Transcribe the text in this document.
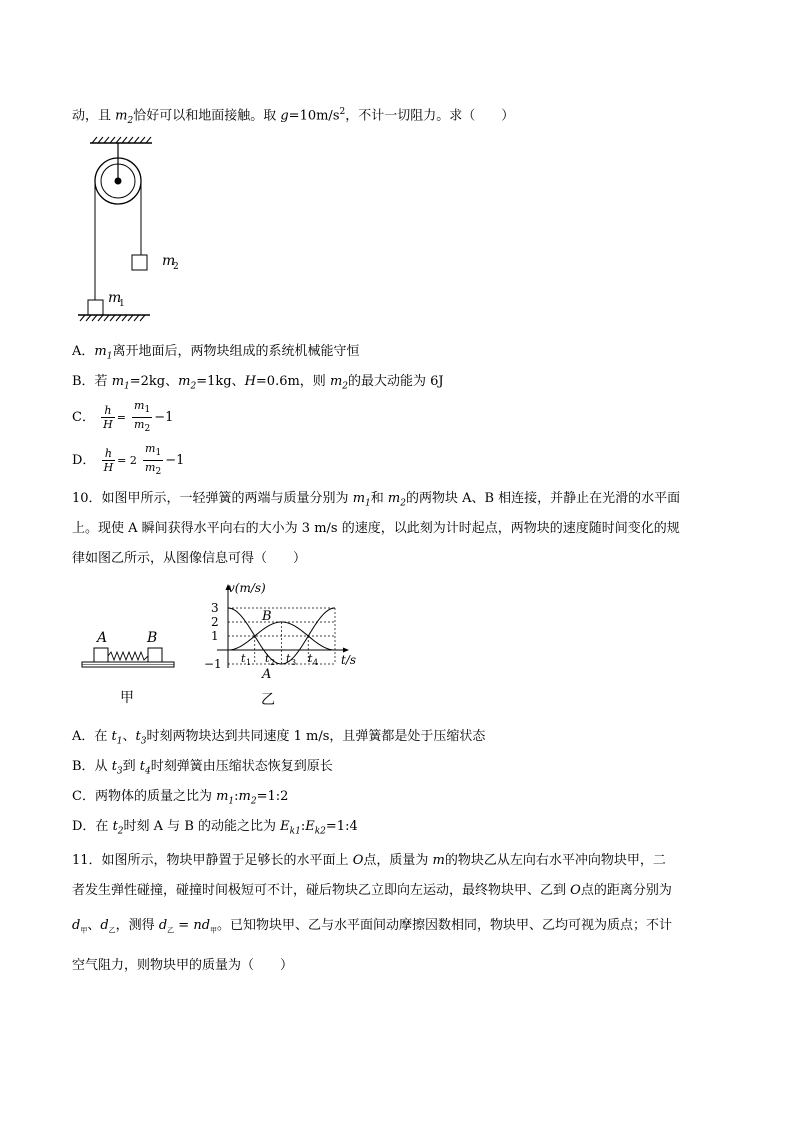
动，且 $m_2$恰好可以和地面接触。取 $g=10m/s^2$，不计一切阻力。求（　　）
m
2
m
1
A．$m_1$离开地面后，两物块组成的系统机械能守恒
B．若 $m_1=2kg$、$m_2=1kg$、H=0.6m，则 $m_2$的最大动能为 6J
C． $\frac{h}{H} = \frac{m_1}{m_2} -1$
D． $\frac{h}{H} = 2 \frac{m_1}{m_2} -1$
10．如图甲所示，一轻弹簧的两端与质量分别为 $m_1$和 $m_2$的两物块 A、B 相连接，并静止在光滑的水平面
上。现使 A 瞬间获得水平向右的大小为 3 m/s 的速度，以此刻为计时起点，两物块的速度随时间变化的规
律如图乙所示，从图像信息可得（　　）
A	B
甲
v(m/s)
t/s
3
2
1
−1 t 1 t 2 t 3 t 4
B
A
乙
A．在 $t_1$、$t_3$时刻两物块达到共同速度 1 m/s，且弹簧都是处于压缩状态
B．从 $t_3$到 $t_4$时刻弹簧由压缩状态恢复到原长
C．两物体的质量之比为 $m_1:m_2=1:2$
D．在 $t_2$时刻 A 与 B 的动能之比为 $E_{k1}:E_{k2}=1:4$
11．如图所示，物块甲静置于足够长的水平面上 O点，质量为 m的物块乙从左向右水平冲向物块甲，二
者发生弹性碰撞，碰撞时间极短可不计，碰后物块乙立即向左运动，最终物块甲、乙到 O点的距离分别为
$d_甲$、$d_乙$，测得 $d_乙 = nd_甲$。已知物块甲、乙与水平面间动摩擦因数相同，物块甲、乙均可视为质点；不计
空气阻力，则物块甲的质量为（　　）
